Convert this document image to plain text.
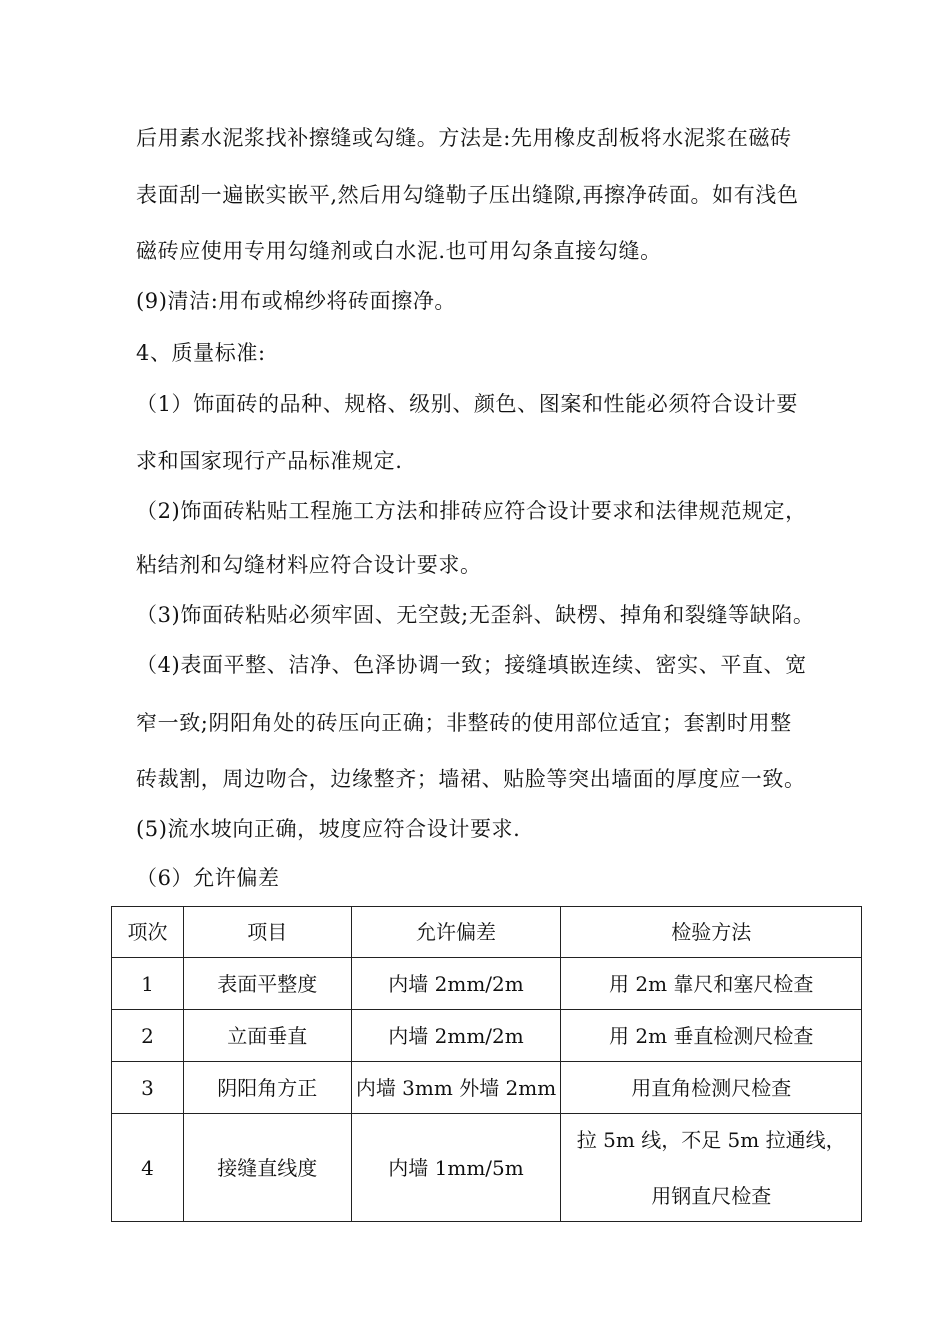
后用素水泥浆找补擦缝或勾缝。方法是:先用橡皮刮板将水泥浆在磁砖
表面刮一遍嵌实嵌平,然后用勾缝勒子压出缝隙,再擦净砖面。如有浅色
磁砖应使用专用勾缝剂或白水泥.也可用勾条直接勾缝。
(9)清洁:用布或棉纱将砖面擦净。
4、质量标准:
（1）饰面砖的品种、规格、级别、颜色、图案和性能必须符合设计要
求和国家现行产品标准规定.
（2)饰面砖粘贴工程施工方法和排砖应符合设计要求和法律规范规定，
粘结剂和勾缝材料应符合设计要求。
（3)饰面砖粘贴必须牢固、无空鼓;无歪斜、缺楞、掉角和裂缝等缺陷。
（4)表面平整、洁净、色泽协调一致；接缝填嵌连续、密实、平直、宽
窄一致;阴阳角处的砖压向正确；非整砖的使用部位适宜；套割时用整
砖裁割，周边吻合，边缘整齐；墙裙、贴脸等突出墙面的厚度应一致。
(5)流水坡向正确，坡度应符合设计要求.
（6）允许偏差
项次	项目	允许偏差	检验方法
1	表面平整度	内墙 2mm/2m	用 2m 靠尺和塞尺检查
2	立面垂直	内墙 2mm/2m	用 2m 垂直检测尺检查
3	阴阳角方正	内墙 3mm 外墙 2mm	用直角检测尺检查
4	接缝直线度	内墙 1mm/5m	拉 5m 线，不足 5m 拉通线，
用钢直尺检查
